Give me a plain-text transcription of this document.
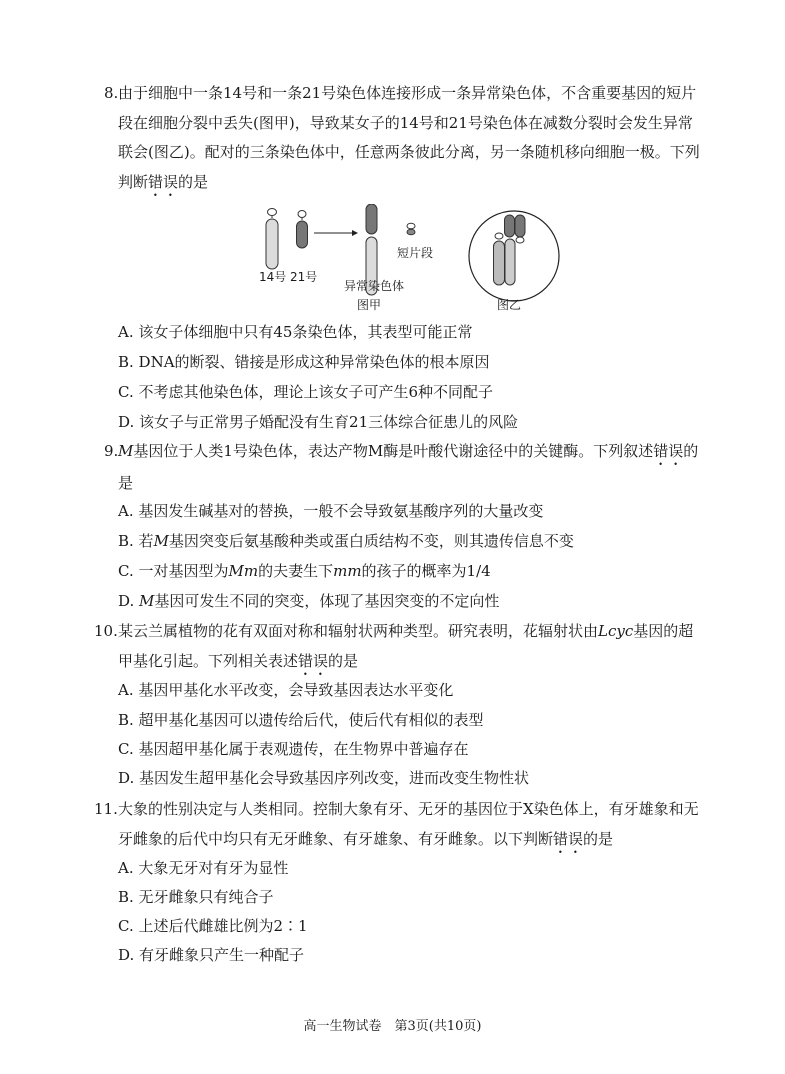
8. 由于细胞中一条14号和一条21号染色体连接形成一条异常染色体，不含重要基因的短片段在细胞分裂中丢失(图甲)，导致某女子的14号和21号染色体在减数分裂时会发生异常联会(图乙)。配对的三条染色体中，任意两条彼此分离，另一条随机移向细胞一极。下列判断错误的是
14号 21号
异常染色体
短片段
图甲	图乙
A. 该女子体细胞中只有45条染色体，其表型可能正常
B. DNA的断裂、错接是形成这种异常染色体的根本原因
C. 不考虑其他染色体，理论上该女子可产生6种不同配子
D. 该女子与正常男子婚配没有生育21三体综合征患儿的风险
9. M基因位于人类1号染色体，表达产物M酶是叶酸代谢途径中的关键酶。下列叙述错误的是
A. 基因发生碱基对的替换，一般不会导致氨基酸序列的大量改变
B. 若M基因突变后氨基酸种类或蛋白质结构不变，则其遗传信息不变
C. 一对基因型为Mm的夫妻生下mm的孩子的概率为1/4
D. M基因可发生不同的突变，体现了基因突变的不定向性
10. 某云兰属植物的花有双面对称和辐射状两种类型。研究表明，花辐射状由Lcyc基因的超甲基化引起。下列相关表述错误的是
A. 基因甲基化水平改变，会导致基因表达水平变化
B. 超甲基化基因可以遗传给后代，使后代有相似的表型
C. 基因超甲基化属于表观遗传，在生物界中普遍存在
D. 基因发生超甲基化会导致基因序列改变，进而改变生物性状
11. 大象的性别决定与人类相同。控制大象有牙、无牙的基因位于X染色体上，有牙雄象和无牙雌象的后代中均只有无牙雌象、有牙雄象、有牙雌象。以下判断错误的是
A. 大象无牙对有牙为显性
B. 无牙雌象只有纯合子
C. 上述后代雌雄比例为2∶1
D. 有牙雌象只产生一种配子
高一生物试卷　第3页(共10页)
